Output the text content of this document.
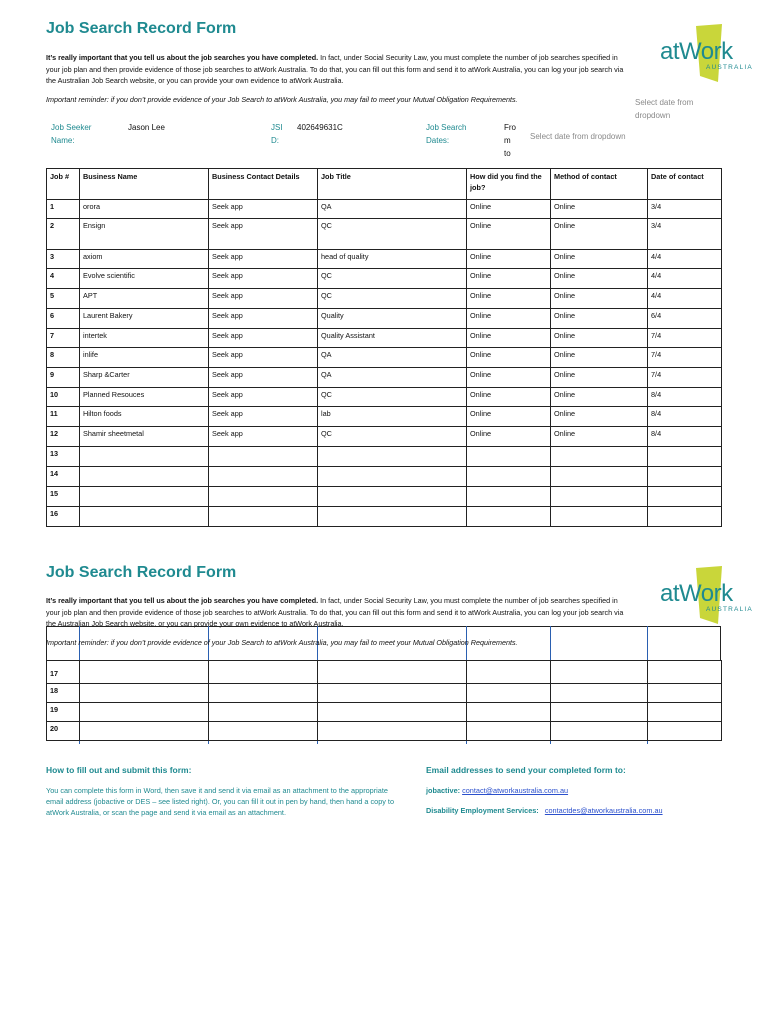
Job Search Record Form
It’s really important that you tell us about the job searches you have completed. In fact, under Social Security Law, you must complete the number of job searches specified in your job plan and then provide evidence of those job searches to atWork Australia. To do that, you can fill out this form and send it to atWork Australia, you can log your job search via the Australian Job Search website, or you can provide your own evidence to atWork Australia.
Important reminder: if you don’t provide evidence of your Job Search to atWork Australia, you may fail to meet your Mutual Obligation Requirements.
atWork
AUSTRALIA
Select date from dropdown
Job Seeker
Name:
Jason Lee	JSI
D:
402649631C	Job Search
Dates:
Fro
m
to
Select date from dropdown
Job #	Business Name	Business Contact Details	Job Title	How did you find the job?	Method of contact	Date of contact
1	orora	Seek app	QA	Online	Online	3/4
2	Ensign	Seek app	QC	Online	Online	3/4
3	axiom	Seek app	head of quality	Online	Online	4/4
4	Evolve scientific	Seek app	QC	Online	Online	4/4
5	APT	Seek app	QC	Online	Online	4/4
6	Laurent Bakery	Seek app	Quality	Online	Online	6/4
7	intertek	Seek app	Quality Assistant	Online	Online	7/4
8	inlife	Seek app	QA	Online	Online	7/4
9	Sharp &Carter	Seek app	QA	Online	Online	7/4
10	Planned Resouces	Seek app	QC	Online	Online	8/4
11	Hilton foods	Seek app	lab	Online	Online	8/4
12	Shamir sheetmetal	Seek app	QC	Online	Online	8/4
13						
14						
15						
16						
Job Search Record Form
It’s really important that you tell us about the job searches you have completed. In fact, under Social Security Law, you must complete the number of job searches specified in your job plan and then provide evidence of those job searches to atWork Australia. To do that, you can fill out this form and send it to atWork Australia, you can log your job search via the Australian Job Search website, or you can provide your own evidence to atWork Australia.
atWork
AUSTRALIA
Important reminder: if you don’t provide evidence of your Job Search to atWork Australia, you may fail to meet your Mutual Obligation Requirements.
17						
18						
19						
20						
How to fill out and submit this form:
You can complete this form in Word, then save it and send it via email as an attachment to the appropriate email address (jobactive or DES – see listed right). Or, you can fill it out in pen by hand, then hand a copy to atWork Australia, or scan the page and send it via email as an attachment.
Email addresses to send your completed form to:
jobactive: contact@atworkaustralia.com.au
Disability Employment Services: contactdes@atworkaustralia.com.au
